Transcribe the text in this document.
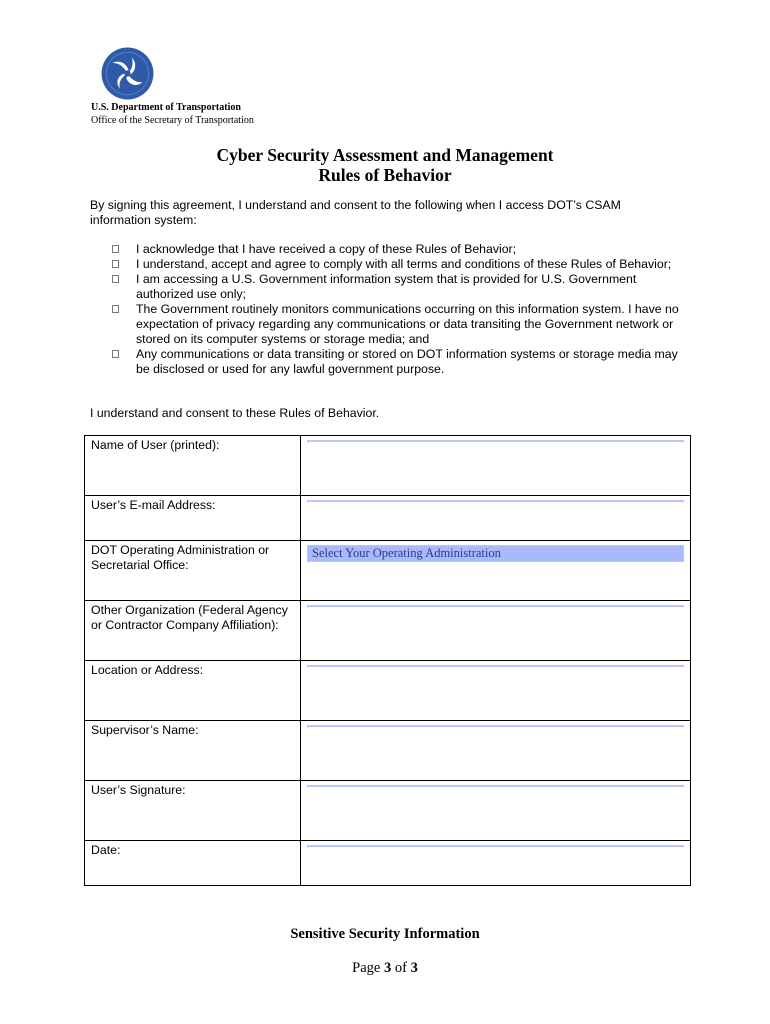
U.S. Department of Transportation
Office of the Secretary of Transportation
Cyber Security Assessment and Management
Rules of Behavior
By signing this agreement, I understand and consent to the following when I access DOT’s CSAM information system:
I acknowledge that I have received a copy of these Rules of Behavior;
I understand, accept and agree to comply with all terms and conditions of these Rules of Behavior;
I am accessing a U.S. Government information system that is provided for U.S. Government authorized use only;
The Government routinely monitors communications occurring on this information system. I have no expectation of privacy regarding any communications or data transiting the Government network or stored on its computer systems or storage media; and
Any communications or data transiting or stored on DOT information systems or storage media may be disclosed or used for any lawful government purpose.
I understand and consent to these Rules of Behavior.
Name of User (printed):	

User’s E-mail Address:	

DOT Operating Administration or Secretarial Office:	Select Your Operating Administration

Other Organization (Federal Agency or Contractor Company Affiliation):	

Location or Address:	

Supervisor’s Name:	

User’s Signature:	

Date:	
Sensitive Security Information
Page 3 of 3
